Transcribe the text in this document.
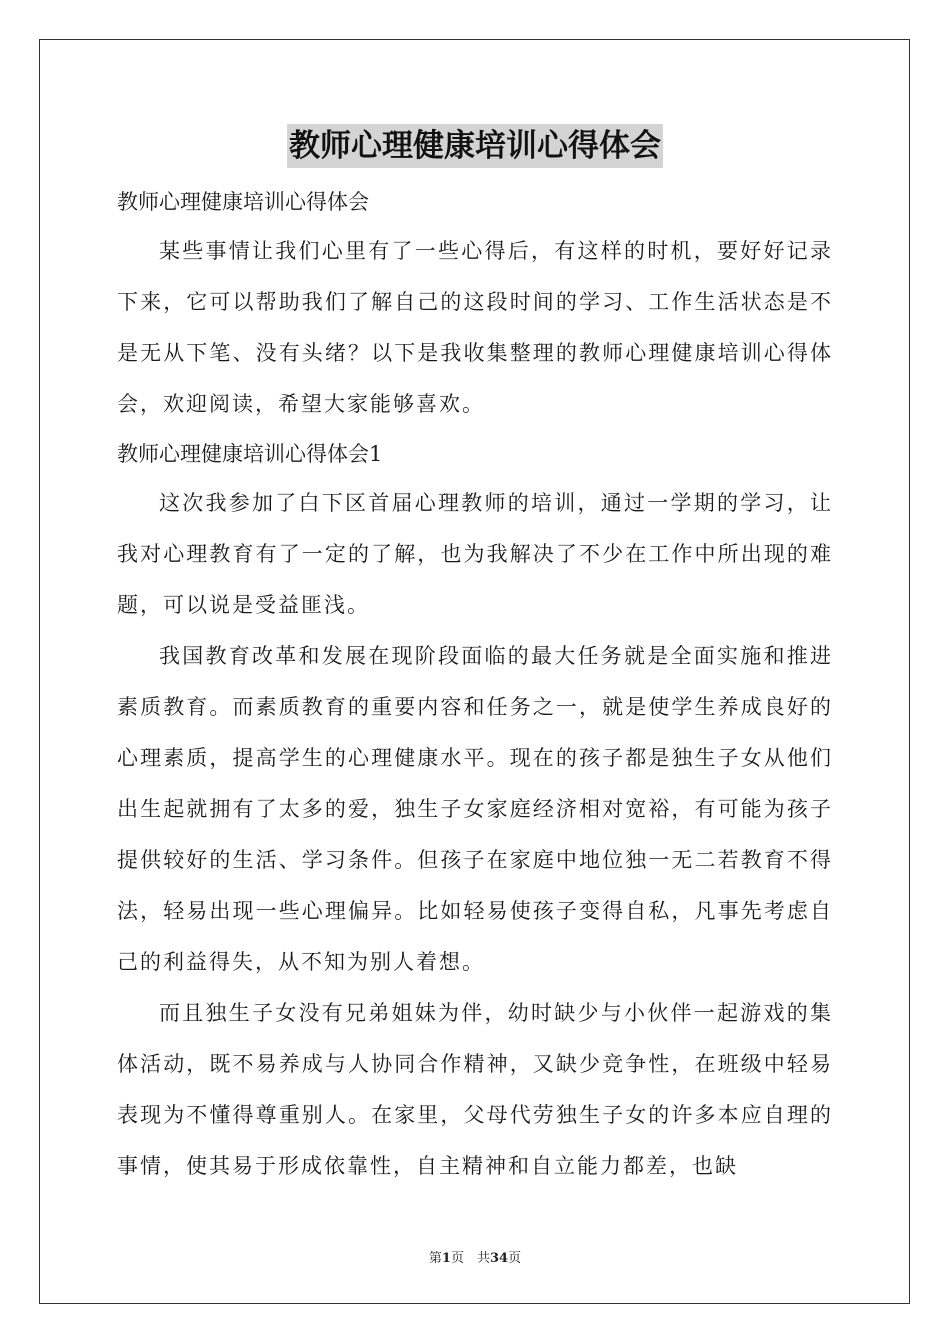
教师心理健康培训心得体会

教师心理健康培训心得体会

某些事情让我们心里有了一些心得后，有这样的时机，要好好记录下来，它可以帮助我们了解自己的这段时间的学习、工作生活状态是不是无从下笔、没有头绪？以下是我收集整理的教师心理健康培训心得体会，欢迎阅读，希望大家能够喜欢。

教师心理健康培训心得体会1

这次我参加了白下区首届心理教师的培训，通过一学期的学习，让我对心理教育有了一定的了解，也为我解决了不少在工作中所出现的难题，可以说是受益匪浅。

我国教育改革和发展在现阶段面临的最大任务就是全面实施和推进素质教育。而素质教育的重要内容和任务之一，就是使学生养成良好的心理素质，提高学生的心理健康水平。现在的孩子都是独生子女从他们出生起就拥有了太多的爱，独生子女家庭经济相对宽裕，有可能为孩子提供较好的生活、学习条件。但孩子在家庭中地位独一无二若教育不得法，轻易出现一些心理偏异。比如轻易使孩子变得自私，凡事先考虑自己的利益得失，从不知为别人着想。

而且独生子女没有兄弟姐妹为伴，幼时缺少与小伙伴一起游戏的集体活动，既不易养成与人协同合作精神，又缺少竞争性，在班级中轻易表现为不懂得尊重别人。在家里，父母代劳独生子女的许多本应自理的事情，使其易于形成依靠性，自主精神和自立能力都差，也缺

第1页　共34页
